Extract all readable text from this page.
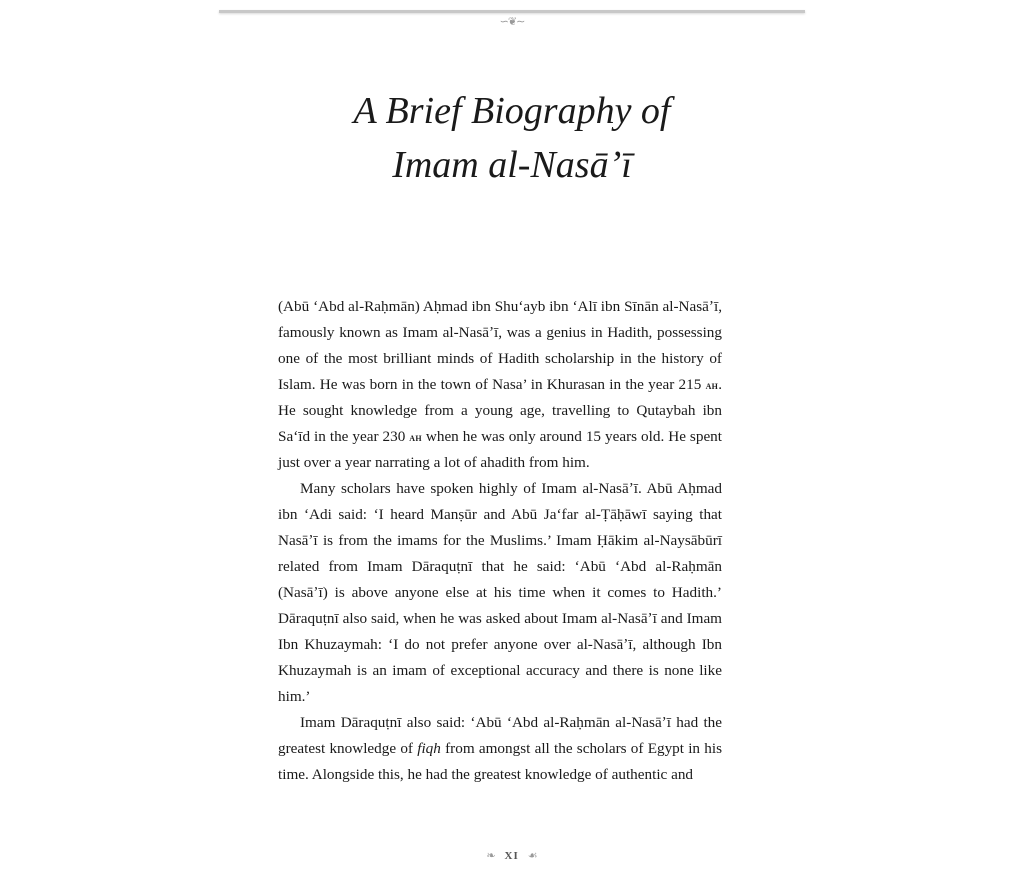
∽❦∼
A Brief Biography of
Imam al-Nasāʼī

(Abū ‘Abd al-Raḥmān) Aḥmad ibn Shu‘ayb ibn ‘Alī ibn Sīnān al-Nasāʼī, famously known as Imam al-Nasāʼī, was a genius in Hadith, possessing one of the most brilliant minds of Hadith scholarship in the history of Islam. He was born in the town of Nasa’ in Khurasan in the year 215 ah. He sought knowledge from a young age, travelling to Qutaybah ibn Sa‘īd in the year 230 ah when he was only around 15 years old. He spent just over a year narrating a lot of ahadith from him.

Many scholars have spoken highly of Imam al-Nasāʼī. Abū Aḥmad ibn ‘Adi said: ‘I heard Manṣūr and Abū Ja‘far al-Ṭāḥāwī saying that Nasāʼī is from the imams for the Muslims.’ Imam Ḥākim al-Naysābūrī related from Imam Dāraquṭnī that he said: ‘Abū ‘Abd al-Raḥmān (Nasāʼī) is above anyone else at his time when it comes to Hadith.’ Dāraquṭnī also said, when he was asked about Imam al-Nasāʼī and Imam Ibn Khuzaymah: ‘I do not prefer anyone over al-Nasāʼī, although Ibn Khuzaymah is an imam of exceptional accuracy and there is none like him.’

Imam Dāraquṭnī also said: ‘Abū ‘Abd al-Raḥmān al-Nasāʼī had the greatest knowledge of fiqh from amongst all the scholars of Egypt in his time. Alongside this, he had the greatest knowledge of authentic and

❧ XI ☙
